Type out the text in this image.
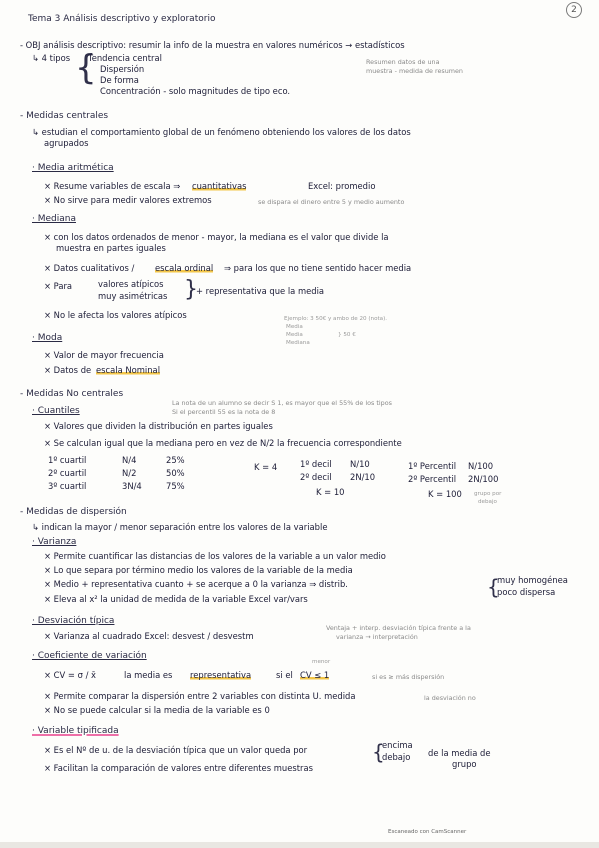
2
Tema 3 Análisis descriptivo y exploratorio
- OBJ análisis descriptivo: resumir la info de la muestra en valores numéricos → estadísticos
↳ 4 tipos {
Tendencia central
Dispersión
De forma
Concentración - solo magnitudes de tipo eco.
Resumen datos de una
muestra - medida de resumen
- Medidas centrales
↳ estudian el comportamiento global de un fenómeno obteniendo los valores de los datos
agrupados
· Media aritmética
× Resume variables de escala ⇒ cuantitativas	Excel: promedio
× No sirve para medir valores extremos	se dispara el dinero entre 5 y medio aumento
· Mediana
× con los datos ordenados de menor - mayor, la mediana es el valor que divide la
muestra en partes iguales
× Datos cualitativos / escala ordinal ⇒ para los que no tiene sentido hacer media
× Para	valores atípicos
muy asimétricas }
+ representativa que la media
× No le afecta los valores atípicos	Ejemplo: 3 50€ y ambo de 20 (nota).
Media
Media
Mediana
} 50 €
· Moda
× Valor de mayor frecuencia
× Datos de escala Nominal
- Medidas No centrales
La nota de un alumno se decir S 1, es mayor que el 55% de los tipos
Si el percentil 55 es la nota de 8
· Cuantiles
× Valores que dividen la distribución en partes iguales
× Se calculan igual que la mediana pero en vez de N/2 la frecuencia correspondiente
1º cuartil	N/4	25%
2º cuartil	N/2	50%
3º cuartil	3N/4	75%
K = 4	1º decil N/10
2º decil 2N/10
K = 10
1º Percentil N/100
2º Percentil 2N/100
K = 100 grupo por
debajo
- Medidas de dispersión
↳ indican la mayor / menor separación entre los valores de la variable
· Varianza
× Permite cuantificar las distancias de los valores de la variable a un valor medio
× Lo que separa por término medio los valores de la variable de la media
× Medio + representativa cuanto + se acerque a 0 la varianza ⇒ distrib.	{
muy homogénea
poco dispersa
× Eleva al x² la unidad de medida de la variable Excel var/vars
· Desviación típica
× Varianza al cuadrado Excel: desvest / desvestm
Ventaja + interp. desviación típica frente a la
varianza → interpretación
· Coeficiente de variación
menor
× CV = σ / x̄	la media es representativa	si el CV ≤ 1	si es ≥ más dispersión
× Permite comparar la dispersión entre 2 variables con distinta U. medida	la desviación no
× No se puede calcular si la media de la variable es 0
· Variable tipificada
× Es el Nº de u. de la desviación típica que un valor queda por	{
encima
debajo de la media de
grupo
× Facilitan la comparación de valores entre diferentes muestras
Escaneado con CamScanner
